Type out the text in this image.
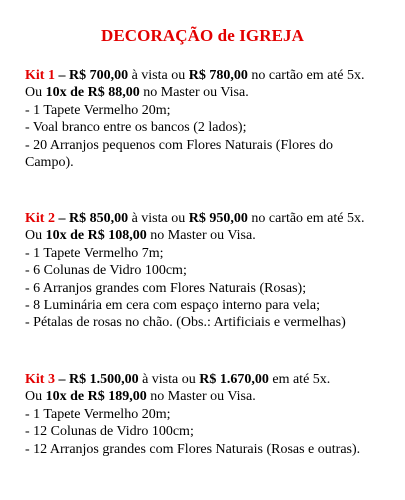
DECORAÇÃO de IGREJA
Kit 1 – R$ 700,00 à vista ou R$ 780,00 no cartão em até 5x.
Ou 10x de R$ 88,00 no Master ou Visa.
- 1 Tapete Vermelho 20m;
- Voal branco entre os bancos (2 lados);
- 20 Arranjos pequenos com Flores Naturais (Flores do Campo).
Kit 2 – R$ 850,00 à vista ou R$ 950,00 no cartão em até 5x.
Ou 10x de R$ 108,00 no Master ou Visa.
- 1 Tapete Vermelho 7m;
- 6 Colunas de Vidro 100cm;
- 6 Arranjos grandes com Flores Naturais (Rosas);
- 8 Luminária em cera com espaço interno para vela;
- Pétalas de rosas no chão. (Obs.: Artificiais e vermelhas)
Kit 3 – R$ 1.500,00 à vista ou R$ 1.670,00 em até 5x.
Ou 10x de R$ 189,00 no Master ou Visa.
- 1 Tapete Vermelho 20m;
- 12 Colunas de Vidro 100cm;
- 12 Arranjos grandes com Flores Naturais (Rosas e outras).
